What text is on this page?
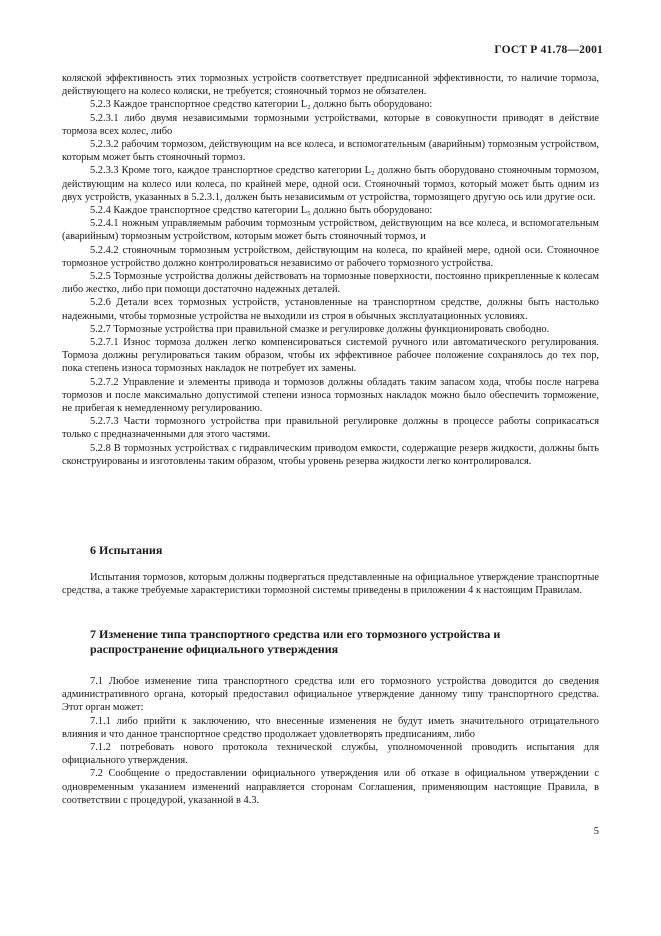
ГОСТ Р 41.78—2001

коляской эффективность этих тормозных устройств соответствует предписанной эффективности, то наличие тормоза, действующего на колесо коляски, не требуется; стояночный тормоз не обязателен.

5.2.3 Каждое транспортное средство категории L₂ должно быть оборудовано:

5.2.3.1 либо двумя независимыми тормозными устройствами, которые в совокупности приводят в действие тормоза всех колес, либо

5.2.3.2 рабочим тормозом, действующим на все колеса, и вспомогательным (аварийным) тормозным устройством, которым может быть стояночный тормоз.

5.2.3.3 Кроме того, каждое транспортное средство категории L₂ должно быть оборудовано стояночным тормозом, действующим на колесо или колеса, по крайней мере, одной оси. Стояночный тормоз, который может быть одним из двух устройств, указанных в 5.2.3.1, должен быть независимым от устройства, тормозящего другую ось или другие оси.

5.2.4 Каждое транспортное средство категории L₅ должно быть оборудовано:

5.2.4.1 ножным управляемым рабочим тормозным устройством, действующим на все колеса, и вспомогательным (аварийным) тормозным устройством, которым может быть стояночный тормоз, и

5.2.4.2 стояночным тормозным устройством, действующим на колеса, по крайней мере, одной оси. Стояночное тормозное устройство должно контролироваться независимо от рабочего тормозного устройства.

5.2.5 Тормозные устройства должны действовать на тормозные поверхности, постоянно прикрепленные к колесам либо жестко, либо при помощи достаточно надежных деталей.

5.2.6 Детали всех тормозных устройств, установленные на транспортном средстве, должны быть настолько надежными, чтобы тормозные устройства не выходили из строя в обычных эксплуатационных условиях.

5.2.7 Тормозные устройства при правильной смазке и регулировке должны функционировать свободно.

5.2.7.1 Износ тормоза должен легко компенсироваться системой ручного или автоматического регулирования. Тормоза должны регулироваться таким образом, чтобы их эффективное рабочее положение сохранялось до тех пор, пока степень износа тормозных накладок не потребует их замены.

5.2.7.2 Управление и элементы привода и тормозов должны обладать таким запасом хода, чтобы после нагрева тормозов и после максимально допустимой степени износа тормозных накладок можно было обеспечить торможение, не прибегая к немедленному регулированию.

5.2.7.3 Части тормозного устройства при правильной регулировке должны в процессе работы соприкасаться только с предназначенными для этого частями.

5.2.8 В тормозных устройствах с гидравлическим приводом емкости, содержащие резерв жидкости, должны быть сконструированы и изготовлены таким образом, чтобы уровень резерва жидкости легко контролировался.

6 Испытания

Испытания тормозов, которым должны подвергаться представленные на официальное утверждение транспортные средства, а также требуемые характеристики тормозной системы приведены в приложении 4 к настоящим Правилам.

7 Изменение типа транспортного средства или его тормозного устройства и распространение официального утверждения

7.1 Любое изменение типа транспортного средства или его тормозного устройства доводится до сведения административного органа, который предоставил официальное утверждение данному типу транспортного средства. Этот орган может:

7.1.1 либо прийти к заключению, что внесенные изменения не будут иметь значительного отрицательного влияния и что данное транспортное средство продолжает удовлетворять предписаниям, либо

7.1.2 потребовать нового протокола технической службы, уполномоченной проводить испытания для официального утверждения.

7.2 Сообщение о предоставлении официального утверждения или об отказе в официальном утверждении с одновременным указанием изменений направляется сторонам Соглашения, применяющим настоящие Правила, в соответствии с процедурой, указанной в 4.3.

5
